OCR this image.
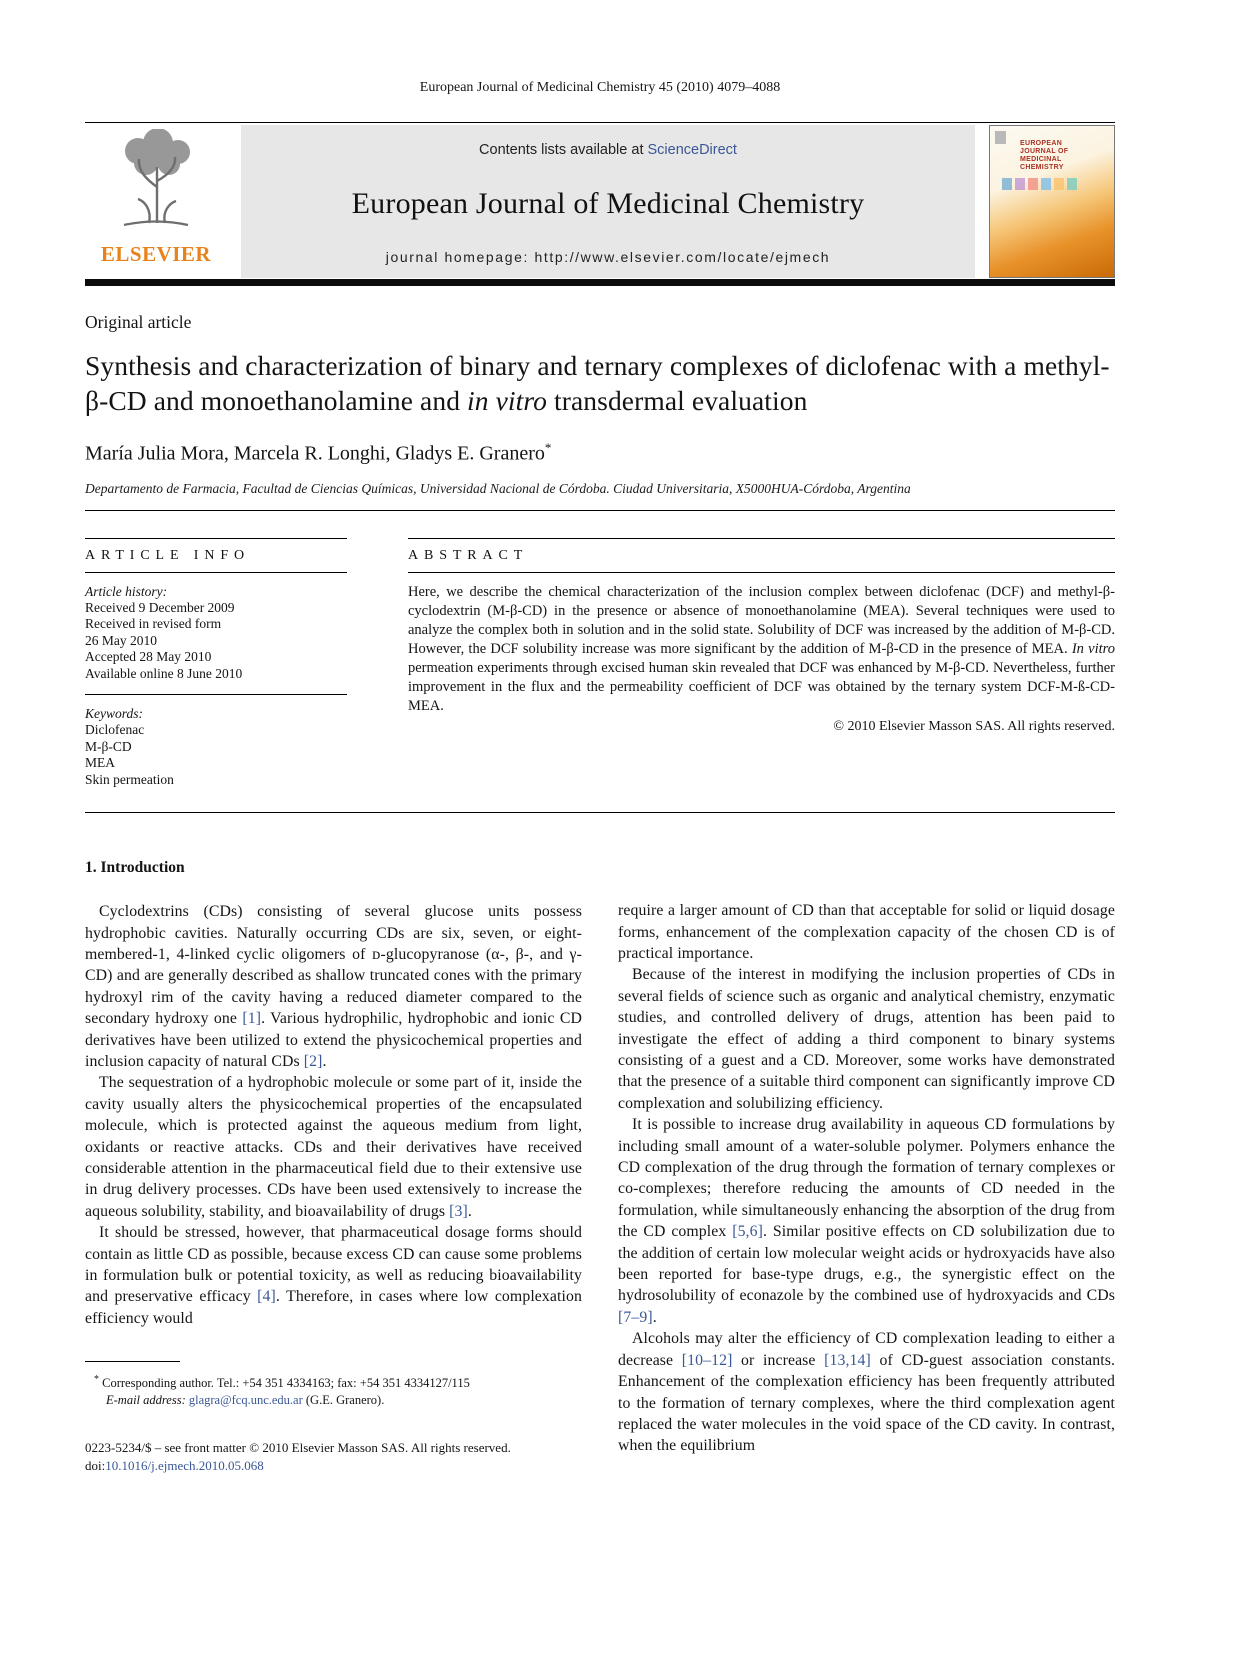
European Journal of Medicinal Chemistry 45 (2010) 4079–4088
ELSEVIER
Contents lists available at ScienceDirect
European Journal of Medicinal Chemistry
journal homepage: http://www.elsevier.com/locate/ejmech
EUROPEAN JOURNAL OF MEDICINAL CHEMISTRY
Original article
Synthesis and characterization of binary and ternary complexes of diclofenac with a methyl-β-CD and monoethanolamine and in vitro transdermal evaluation
María Julia Mora, Marcela R. Longhi, Gladys E. Granero*
Departamento de Farmacia, Facultad de Ciencias Químicas, Universidad Nacional de Córdoba. Ciudad Universitaria, X5000HUA-Córdoba, Argentina
ARTICLE INFO
Article history:
Received 9 December 2009
Received in revised form
26 May 2010
Accepted 28 May 2010
Available online 8 June 2010
Keywords:
Diclofenac
M-β-CD
MEA
Skin permeation
ABSTRACT

Here, we describe the chemical characterization of the inclusion complex between diclofenac (DCF) and methyl-β-cyclodextrin (M-β-CD) in the presence or absence of monoethanolamine (MEA). Several techniques were used to analyze the complex both in solution and in the solid state. Solubility of DCF was increased by the addition of M-β-CD. However, the DCF solubility increase was more significant by the addition of M-β-CD in the presence of MEA. In vitro permeation experiments through excised human skin revealed that DCF was enhanced by M-β-CD. Nevertheless, further improvement in the flux and the permeability coefficient of DCF was obtained by the ternary system DCF-M-ß-CD-MEA.

© 2010 Elsevier Masson SAS. All rights reserved.
1. Introduction

Cyclodextrins (CDs) consisting of several glucose units possess hydrophobic cavities. Naturally occurring CDs are six, seven, or eight-membered-1, 4-linked cyclic oligomers of ᴅ-glucopyranose (α-, β-, and γ-CD) and are generally described as shallow truncated cones with the primary hydroxyl rim of the cavity having a reduced diameter compared to the secondary hydroxy one [1]. Various hydrophilic, hydrophobic and ionic CD derivatives have been utilized to extend the physicochemical properties and inclusion capacity of natural CDs [2].

The sequestration of a hydrophobic molecule or some part of it, inside the cavity usually alters the physicochemical properties of the encapsulated molecule, which is protected against the aqueous medium from light, oxidants or reactive attacks. CDs and their derivatives have received considerable attention in the pharmaceutical field due to their extensive use in drug delivery processes. CDs have been used extensively to increase the aqueous solubility, stability, and bioavailability of drugs [3].

It should be stressed, however, that pharmaceutical dosage forms should contain as little CD as possible, because excess CD can cause some problems in formulation bulk or potential toxicity, as well as reducing bioavailability and preservative efficacy [4]. Therefore, in cases where low complexation efficiency would

* Corresponding author. Tel.: +54 351 4334163; fax: +54 351 4334127/115
E-mail address: glagra@fcq.unc.edu.ar (G.E. Granero).
0223-5234/$ – see front matter © 2010 Elsevier Masson SAS. All rights reserved.
doi:10.1016/j.ejmech.2010.05.068

require a larger amount of CD than that acceptable for solid or liquid dosage forms, enhancement of the complexation capacity of the chosen CD is of practical importance.

Because of the interest in modifying the inclusion properties of CDs in several fields of science such as organic and analytical chemistry, enzymatic studies, and controlled delivery of drugs, attention has been paid to investigate the effect of adding a third component to binary systems consisting of a guest and a CD. Moreover, some works have demonstrated that the presence of a suitable third component can significantly improve CD complexation and solubilizing efficiency.

It is possible to increase drug availability in aqueous CD formulations by including small amount of a water-soluble polymer. Polymers enhance the CD complexation of the drug through the formation of ternary complexes or co-complexes; therefore reducing the amounts of CD needed in the formulation, while simultaneously enhancing the absorption of the drug from the CD complex [5,6]. Similar positive effects on CD solubilization due to the addition of certain low molecular weight acids or hydroxyacids have also been reported for base-type drugs, e.g., the synergistic effect on the hydrosolubility of econazole by the combined use of hydroxyacids and CDs [7–9].

Alcohols may alter the efficiency of CD complexation leading to either a decrease [10–12] or increase [13,14] of CD-guest association constants. Enhancement of the complexation efficiency has been frequently attributed to the formation of ternary complexes, where the third complexation agent replaced the water molecules in the void space of the CD cavity. In contrast, when the equilibrium
